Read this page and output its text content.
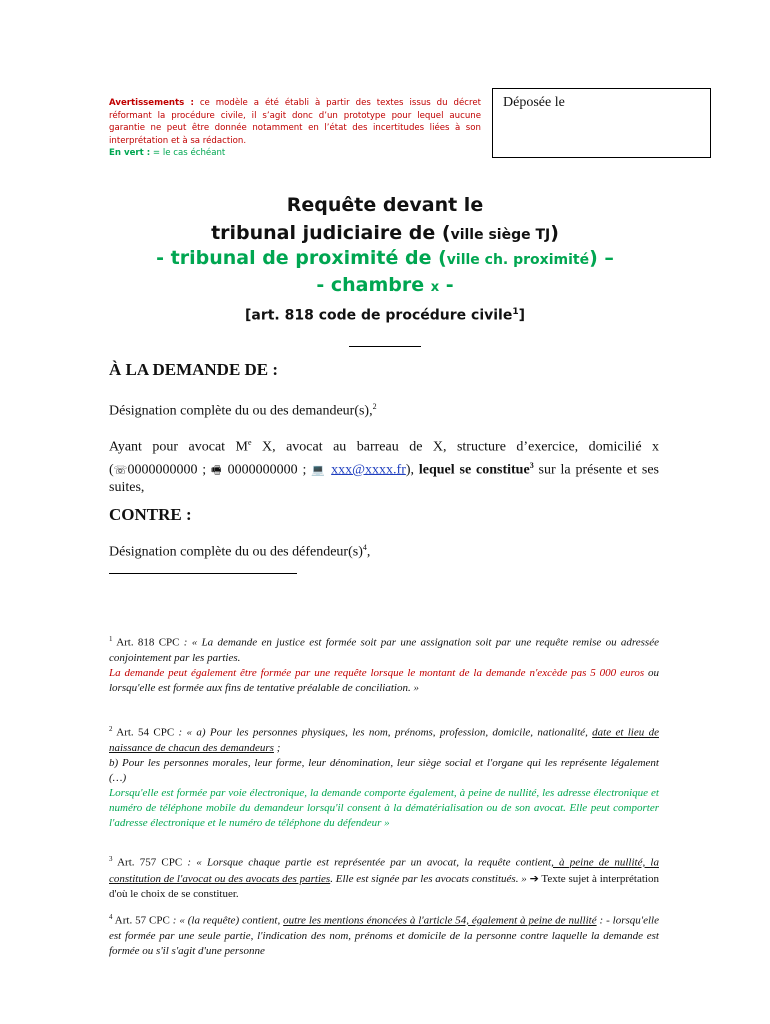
Avertissements : ce modèle a été établi à partir des textes issus du décret réformant la procédure civile, il s’agit donc d’un prototype pour lequel aucune garantie ne peut être donnée notamment en l’état des incertitudes liées à son interprétation et à sa rédaction.
En vert : = le cas échéant
Déposée le
Requête devant le
tribunal judiciaire de (ville siège TJ)
- tribunal de proximité de (ville ch. proximité) –
- chambre x -
[art. 818 code de procédure civile$^1$]
À LA DEMANDE DE :
Désignation complète du ou des demandeur(s),$^2$
Ayant pour avocat Me X, avocat au barreau de X, structure d’exercice, domicilié x (☏0000000000 ; 🖷 0000000000 ; 💻 xxx@xxxx.fr), lequel se constitue$^3$ sur la présente et ses suites,
CONTRE :
Désignation complète du ou des $défendeur(s)^4$,
$^1$ Art. 818 CPC : « La demande en justice est formée soit par une assignation soit par une requête remise ou adressée conjointement par les parties.
La demande peut également être formée par une requête lorsque le montant de la demande n'excède pas 5 000 euros ou lorsqu'elle est formée aux fins de tentative préalable de conciliation. »
$^2$ Art. 54 CPC : « a) Pour les personnes physiques, les nom, prénoms, profession, domicile, nationalité, date et lieu de naissance de chacun des demandeurs ;
b) Pour les personnes morales, leur forme, leur dénomination, leur siège social et l'organe qui les représente légalement (…)
Lorsqu'elle est formée par voie électronique, la demande comporte également, à peine de nullité, les adresse électronique et numéro de téléphone mobile du demandeur lorsqu'il consent à la dématérialisation ou de son avocat. Elle peut comporter l'adresse électronique et le numéro de téléphone du défendeur »
$^3$ Art. 757 CPC : « Lorsque chaque partie est représentée par un avocat, la requête contient, à peine de nullité, la constitution de l'avocat ou des avocats des parties. Elle est signée par les avocats constitués. » ➔ Texte sujet à interprétation d'où le choix de se constituer.
$^4$ Art. 57 CPC : « (la requête) contient, outre les mentions énoncées à l'article 54, également à peine de nullité : - lorsqu'elle est formée par une seule partie, l'indication des nom, prénoms et domicile de la personne contre laquelle la demande est formée ou s'il s'agit d'une personne
